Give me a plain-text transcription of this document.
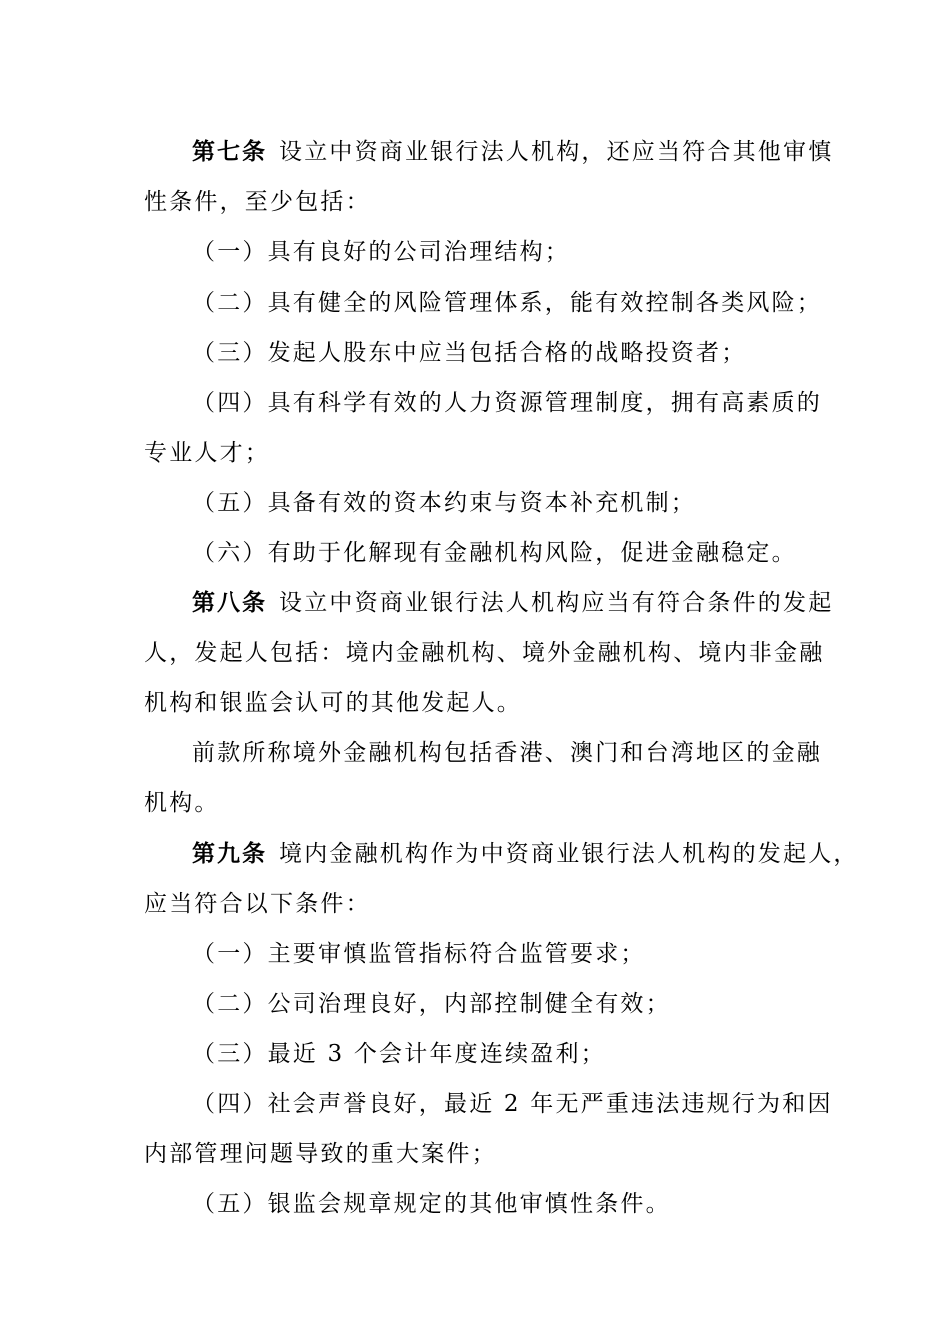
第七条 设立中资商业银行法人机构，还应当符合其他审慎
性条件，至少包括：
（一）具有良好的公司治理结构；
（二）具有健全的风险管理体系，能有效控制各类风险；
（三）发起人股东中应当包括合格的战略投资者；
（四）具有科学有效的人力资源管理制度，拥有高素质的
专业人才；
（五）具备有效的资本约束与资本补充机制；
（六）有助于化解现有金融机构风险，促进金融稳定。
第八条 设立中资商业银行法人机构应当有符合条件的发起
人，发起人包括：境内金融机构、境外金融机构、境内非金融
机构和银监会认可的其他发起人。
前款所称境外金融机构包括香港、澳门和台湾地区的金融
机构。
第九条 境内金融机构作为中资商业银行法人机构的发起人，
应当符合以下条件：
（一）主要审慎监管指标符合监管要求；
（二）公司治理良好，内部控制健全有效；
（三）最近 3 个会计年度连续盈利；
（四）社会声誉良好，最近 2 年无严重违法违规行为和因
内部管理问题导致的重大案件；
（五）银监会规章规定的其他审慎性条件。
